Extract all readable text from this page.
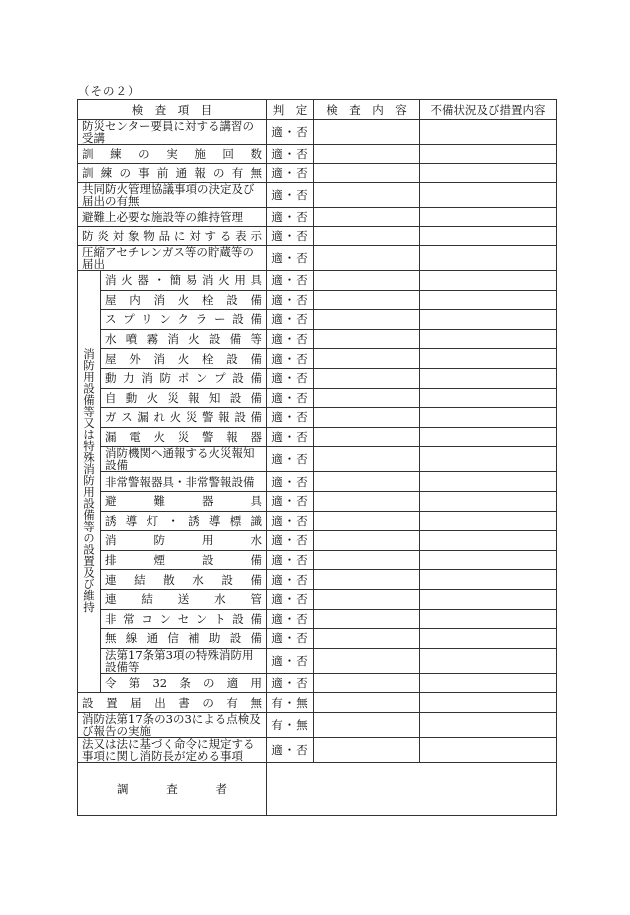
（その２）
検　査　項　目		判　定	検　査　内　容	不備状況及び措置内容
防災センター要員に対する講習の受講		適・否		

訓練の実施回数		適・否		

訓練の事前通報の有無		適・否		
共同防火管理協議事項の決定及び届出の有無		適・否		
避難上必要な施設等の維持管理		適・否		

防炎対象物品に対する表示		適・否		
圧縮アセチレンガス等の貯蔵等の届出		適・否		
消防用設備等又は特殊消防用設備等の設置及び維持	消火器・簡易消火用具	適・否		

	屋内消火栓設備	適・否		

	スプリンクラー設備	適・否		

	水噴霧消火設備等	適・否		

	屋外消火栓設備	適・否		

	動力消防ポンプ設備	適・否		

	自動火災報知設備	適・否		

	ガス漏れ火災警報設備	適・否		

	漏電火災警報器	適・否		
	消防機関へ通報する火災報知設備	適・否		
	非常警報器具・非常警報設備	適・否		

	避難器具	適・否		

	誘導灯・誘導標識	適・否		

	消防用水	適・否		

	排煙設備	適・否		

	連結散水設備	適・否		

	連結送水管	適・否		

	非常コンセント設備	適・否		

	無線通信補助設備	適・否		
	法第17条第3項の特殊消防用設備等	適・否		

	令第32条の適用	適・否		

設置届出書の有無		有・無		
消防法第17条の3の3による点検及び報告の実施		有・無		
法又は法に基づく命令に規定する事項に関し消防長が定める事項		適・否		
調査者				
